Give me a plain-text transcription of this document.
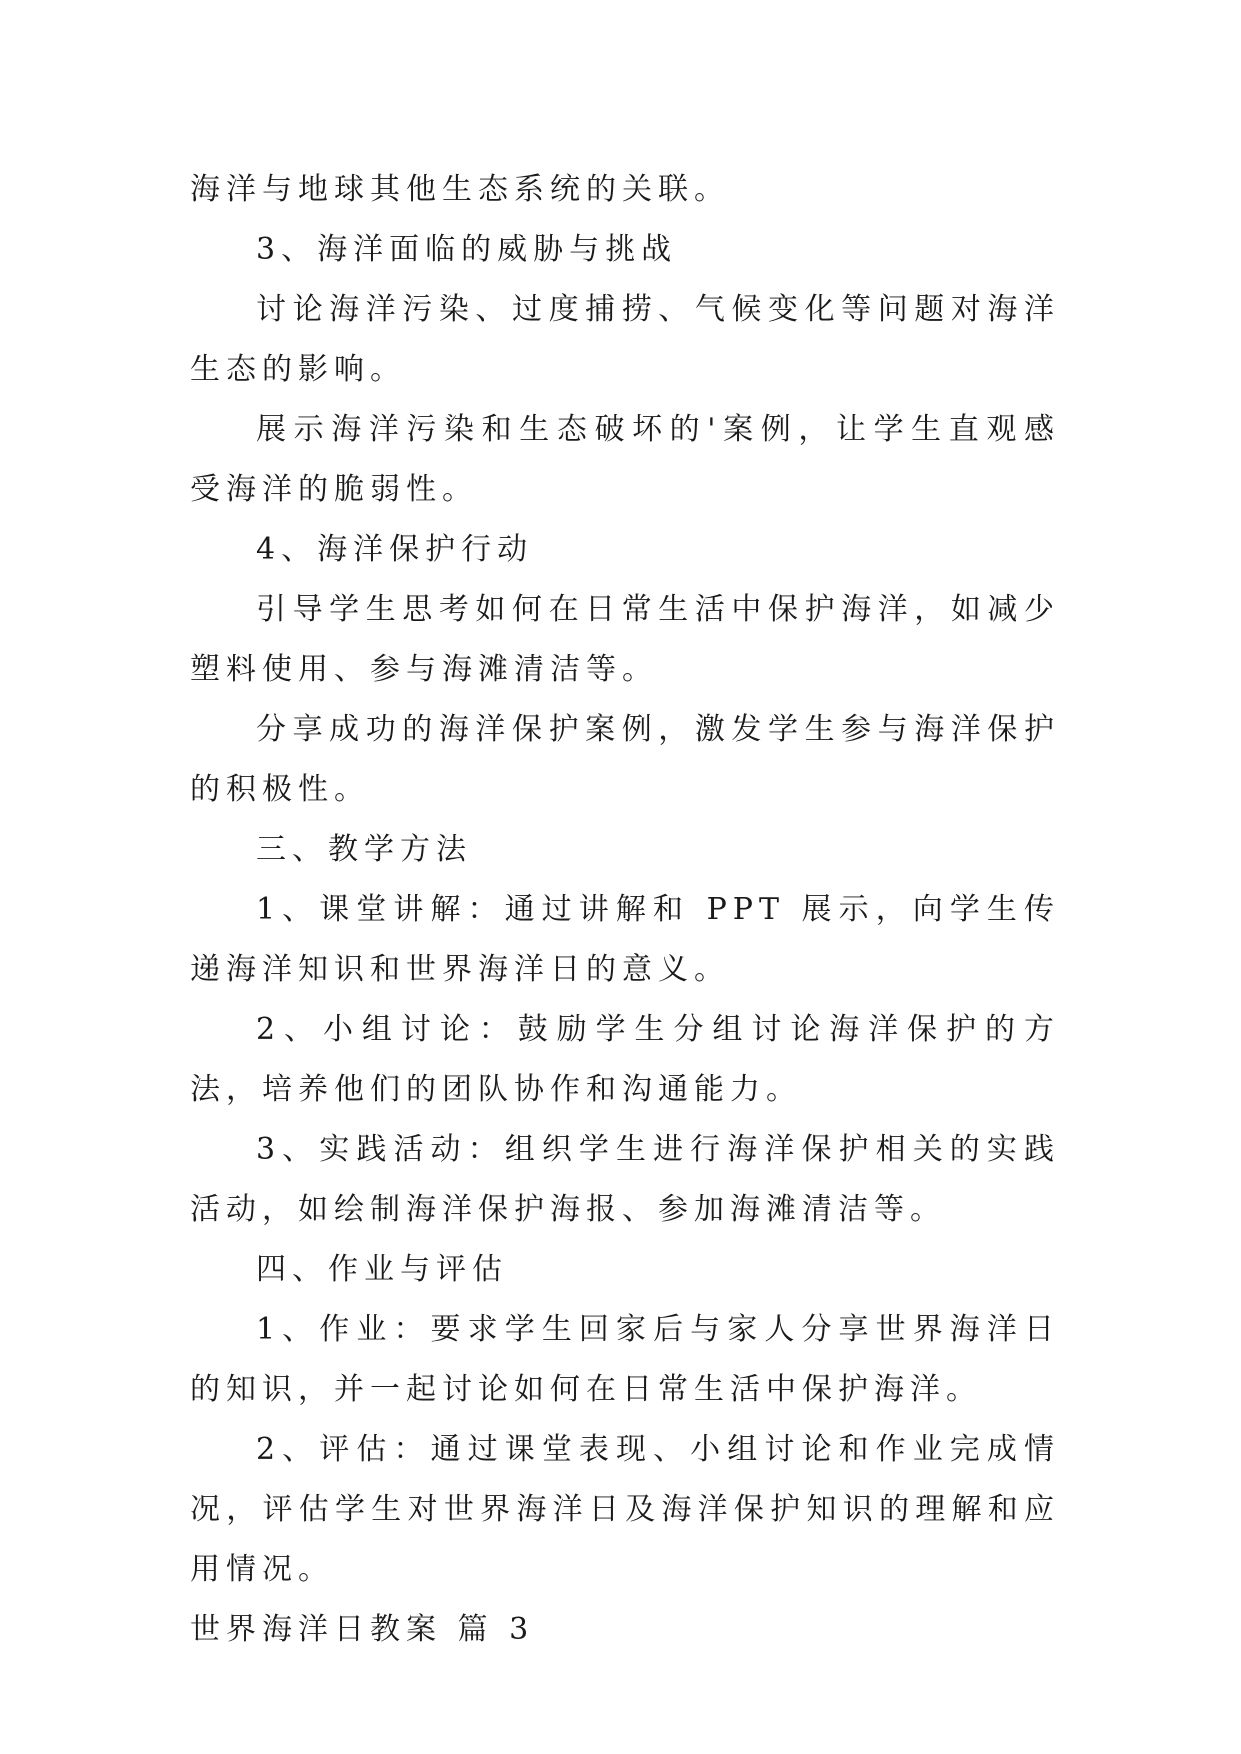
海洋与地球其他生态系统的关联。

3、海洋面临的威胁与挑战

讨论海洋污染、过度捕捞、气候变化等问题对海洋生态的影响。

展示海洋污染和生态破坏的'案例，让学生直观感受海洋的脆弱性。

4、海洋保护行动

引导学生思考如何在日常生活中保护海洋，如减少塑料使用、参与海滩清洁等。

分享成功的海洋保护案例，激发学生参与海洋保护的积极性。

三、教学方法

1、课堂讲解：通过讲解和 PPT 展示，向学生传递海洋知识和世界海洋日的意义。

2、小组讨论：鼓励学生分组讨论海洋保护的方法，培养他们的团队协作和沟通能力。

3、实践活动：组织学生进行海洋保护相关的实践活动，如绘制海洋保护海报、参加海滩清洁等。

四、作业与评估

1、作业：要求学生回家后与家人分享世界海洋日的知识，并一起讨论如何在日常生活中保护海洋。

2、评估：通过课堂表现、小组讨论和作业完成情况，评估学生对世界海洋日及海洋保护知识的理解和应用情况。

世界海洋日教案 篇 3
